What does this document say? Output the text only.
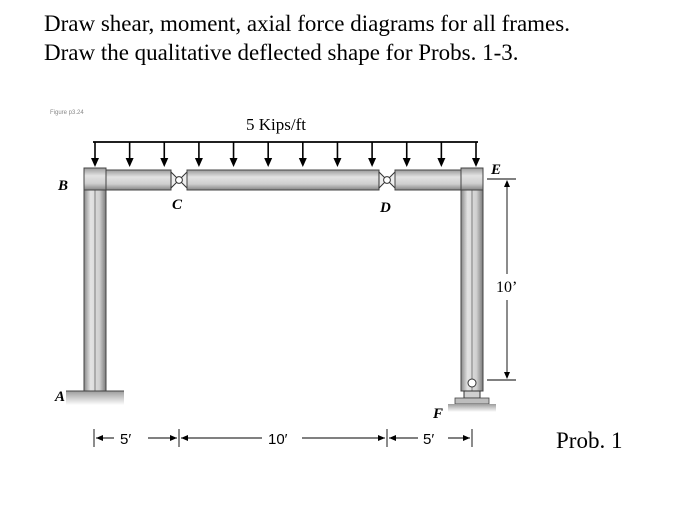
Draw shear, moment, axial force diagrams for all frames.
Draw the qualitative deflected shape for Probs. 1-3.
Figure p3.24
5 Kips/ft
B
C	D
E
A
F
10’
5′	10′	5′	Prob. 1
